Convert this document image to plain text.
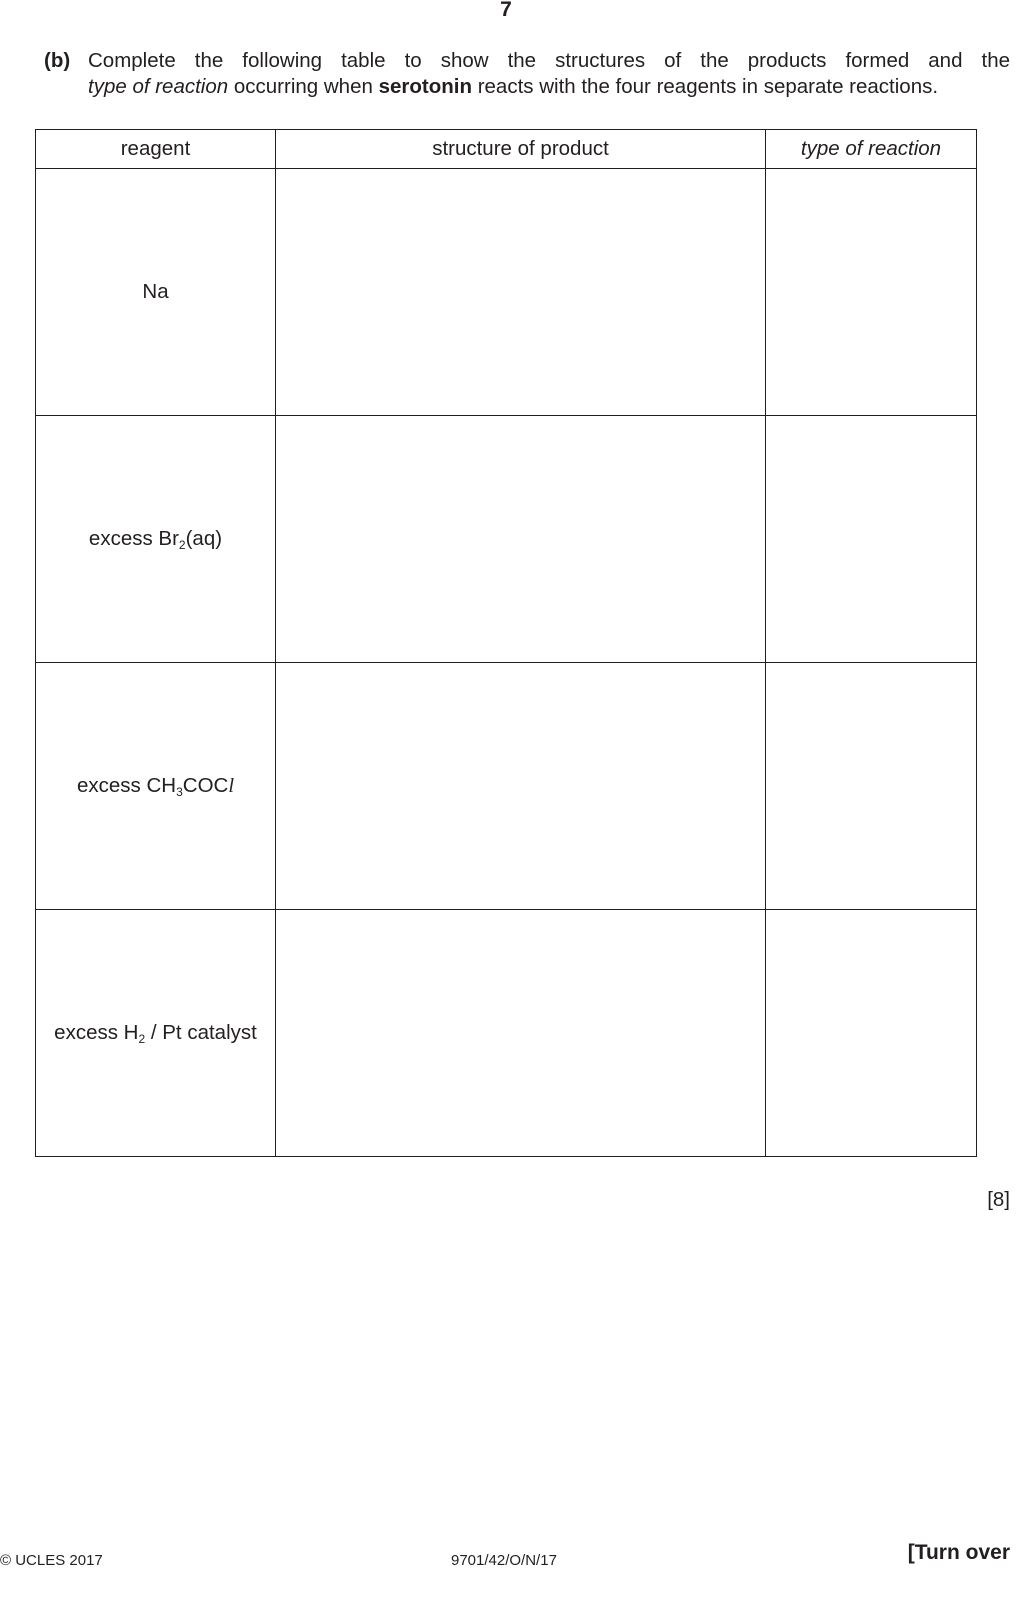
7
(b) Complete the following table to show the structures of the products formed and the
type of reaction occurring when serotonin reacts with the four reagents in separate reactions.
reagent	structure of product	type of reaction
Na		
excess $Br_2(aq)$		
excess $CH_3COCl$		
excess $H_2$ / Pt catalyst		
[8]
© UCLES 2017	9701/42/O/N/17	[Turn over
